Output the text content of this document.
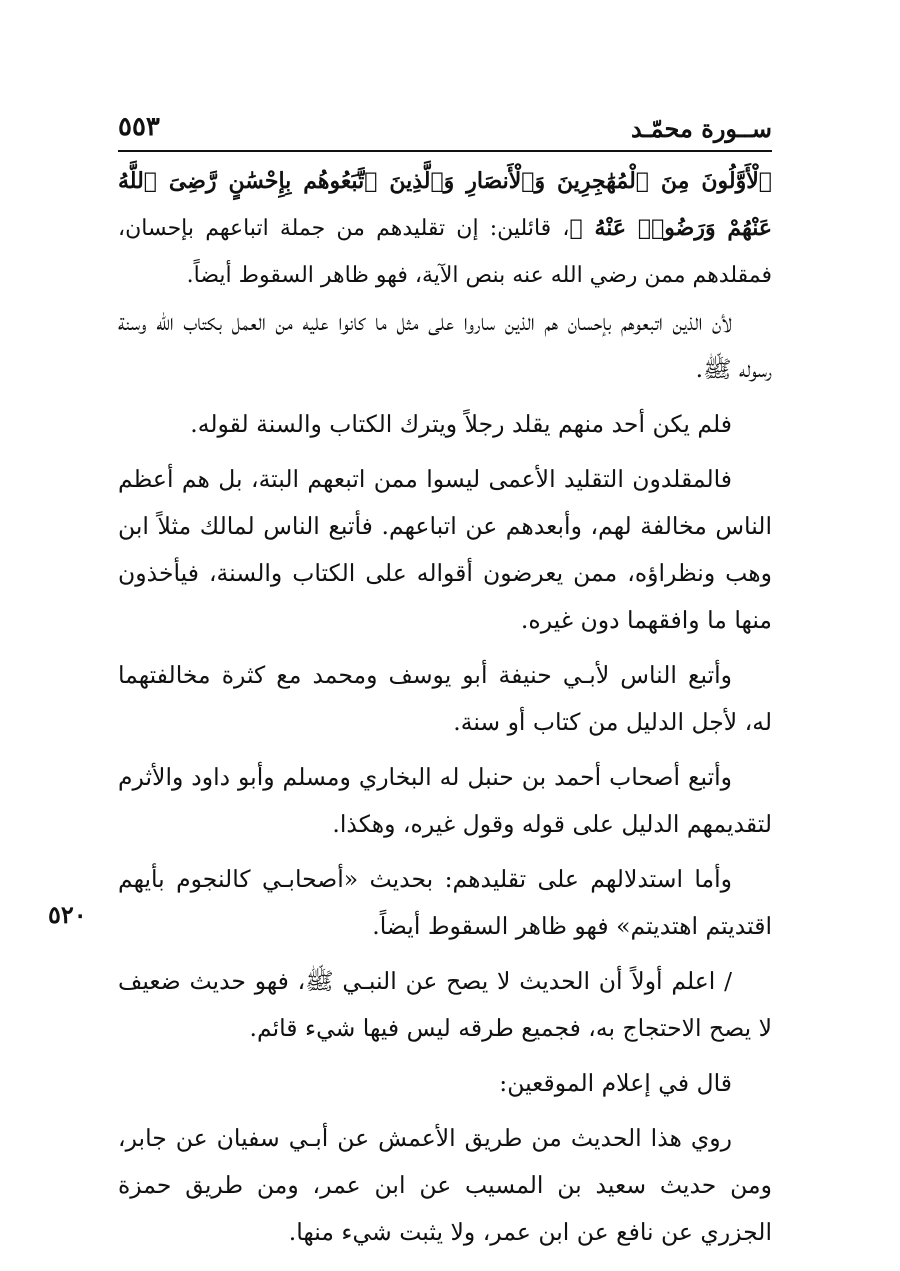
٥٥٣	ســورة محمّـد
٥٢٠

ٱلْأَوَّلُونَ مِنَ ٱلْمُهَٰجِرِينَ وَٱلْأَنصَارِ وَٱلَّذِينَ ٱتَّبَعُوهُم بِإِحْسَٰنٍ رَّضِىَ ٱللَّهُ عَنْهُمْ وَرَضُوا۟ عَنْهُ ﴾، قائلين: إن تقليدهم من جملة اتباعهم بإحسان، فمقلدهم ممن رضي الله عنه بنص الآية، فهو ظاهر السقوط أيضاً.

لأن الذين اتبعوهم بإحسان هم الذين ساروا على مثل ما كانوا عليه من العمل بكتاب الله وسنة رسوله ﷺ.

فلم يكن أحد منهم يقلد رجلاً ويترك الكتاب والسنة لقوله.

فالمقلدون التقليد الأعمى ليسوا ممن اتبعهم البتة، بل هم أعظم الناس مخالفة لهم، وأبعدهم عن اتباعهم. فأتبع الناس لمالك مثلاً ابن وهب ونظراؤه، ممن يعرضون أقواله على الكتاب والسنة، فيأخذون منها ما وافقهما دون غيره.

وأتبع الناس لأبـي حنيفة أبو يوسف ومحمد مع كثرة مخالفتهما له، لأجل الدليل من كتاب أو سنة.

وأتبع أصحاب أحمد بن حنبل له البخاري ومسلم وأبو داود والأثرم لتقديمهم الدليل على قوله وقول غيره، وهكذا.

وأما استدلالهم على تقليدهم: بحديث «أصحابـي كالنجوم بأيهم اقتديتم اهتديتم» فهو ظاهر السقوط أيضاً.

/ اعلم أولاً أن الحديث لا يصح عن النبـي ﷺ، فهو حديث ضعيف لا يصح الاحتجاج به، فجميع طرقه ليس فيها شيء قائم.

قال في إعلام الموقعين:

روي هذا الحديث من طريق الأعمش عن أبـي سفيان عن جابر، ومن حديث سعيد بن المسيب عن ابن عمر، ومن طريق حمزة الجزري عن نافع عن ابن عمر، ولا يثبت شيء منها.
